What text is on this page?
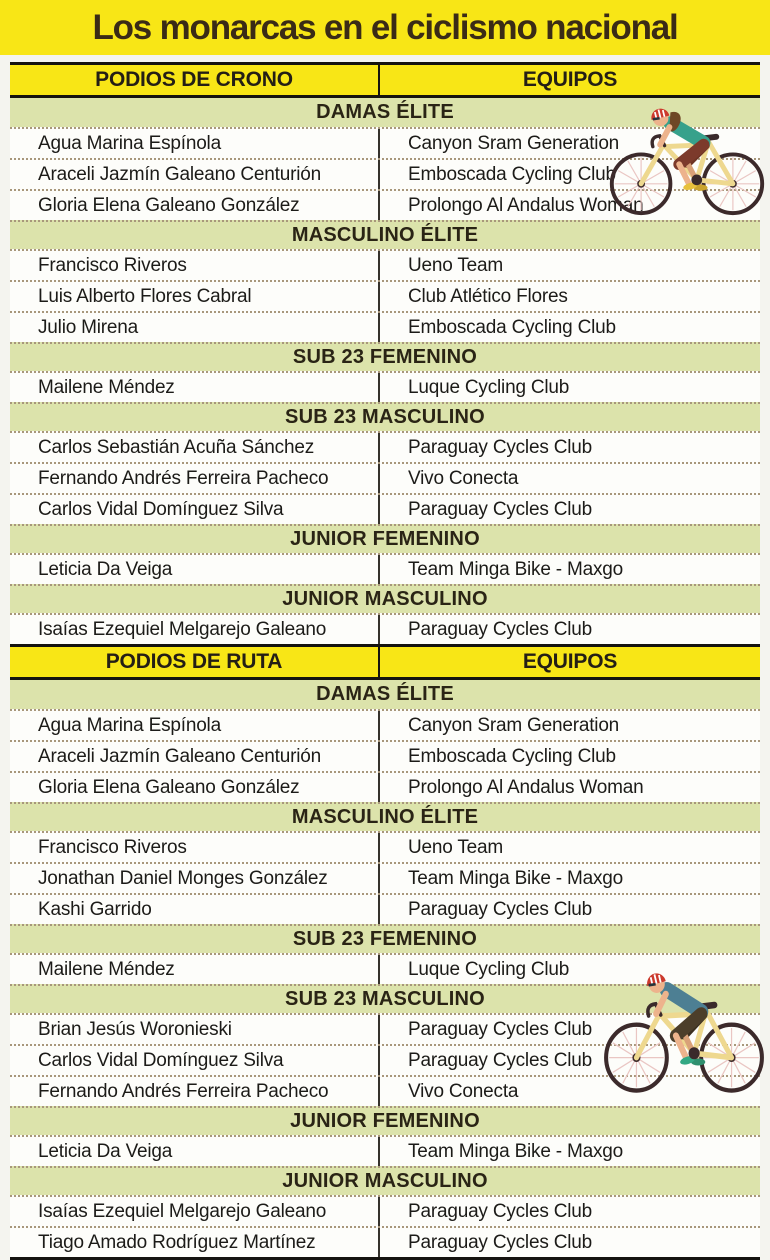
Los monarcas en el ciclismo nacional
PODIOS DE CRONO	EQUIPOS
DAMAS ÉLITE
Agua Marina Espínola	Canyon Sram Generation
Araceli Jazmín Galeano Centurión	Emboscada Cycling Club
Gloria Elena Galeano González	Prolongo Al Andalus Woman
MASCULINO ÉLITE
Francisco Riveros	Ueno Team
Luis Alberto Flores Cabral	Club Atlético Flores
Julio Mirena	Emboscada Cycling Club
SUB 23 FEMENINO
Mailene Méndez	Luque Cycling Club
SUB 23 MASCULINO
Carlos Sebastián Acuña Sánchez	Paraguay Cycles Club
Fernando Andrés Ferreira Pacheco	Vivo Conecta
Carlos Vidal Domínguez Silva	Paraguay Cycles Club
JUNIOR FEMENINO
Leticia Da Veiga	Team Minga Bike - Maxgo
JUNIOR MASCULINO
Isaías Ezequiel Melgarejo Galeano	Paraguay Cycles Club
PODIOS DE RUTA	EQUIPOS
DAMAS ÉLITE
Agua Marina Espínola	Canyon Sram Generation
Araceli Jazmín Galeano Centurión	Emboscada Cycling Club
Gloria Elena Galeano González	Prolongo Al Andalus Woman
MASCULINO ÉLITE
Francisco Riveros	Ueno Team
Jonathan Daniel Monges González	Team Minga Bike - Maxgo
Kashi Garrido	Paraguay Cycles Club
SUB 23 FEMENINO
Mailene Méndez	Luque Cycling Club
SUB 23 MASCULINO
Brian Jesús Woronieski	Paraguay Cycles Club
Carlos Vidal Domínguez Silva	Paraguay Cycles Club
Fernando Andrés Ferreira Pacheco	Vivo Conecta
JUNIOR FEMENINO
Leticia Da Veiga	Team Minga Bike - Maxgo
JUNIOR MASCULINO
Isaías Ezequiel Melgarejo Galeano	Paraguay Cycles Club
Tiago Amado Rodríguez Martínez	Paraguay Cycles Club
